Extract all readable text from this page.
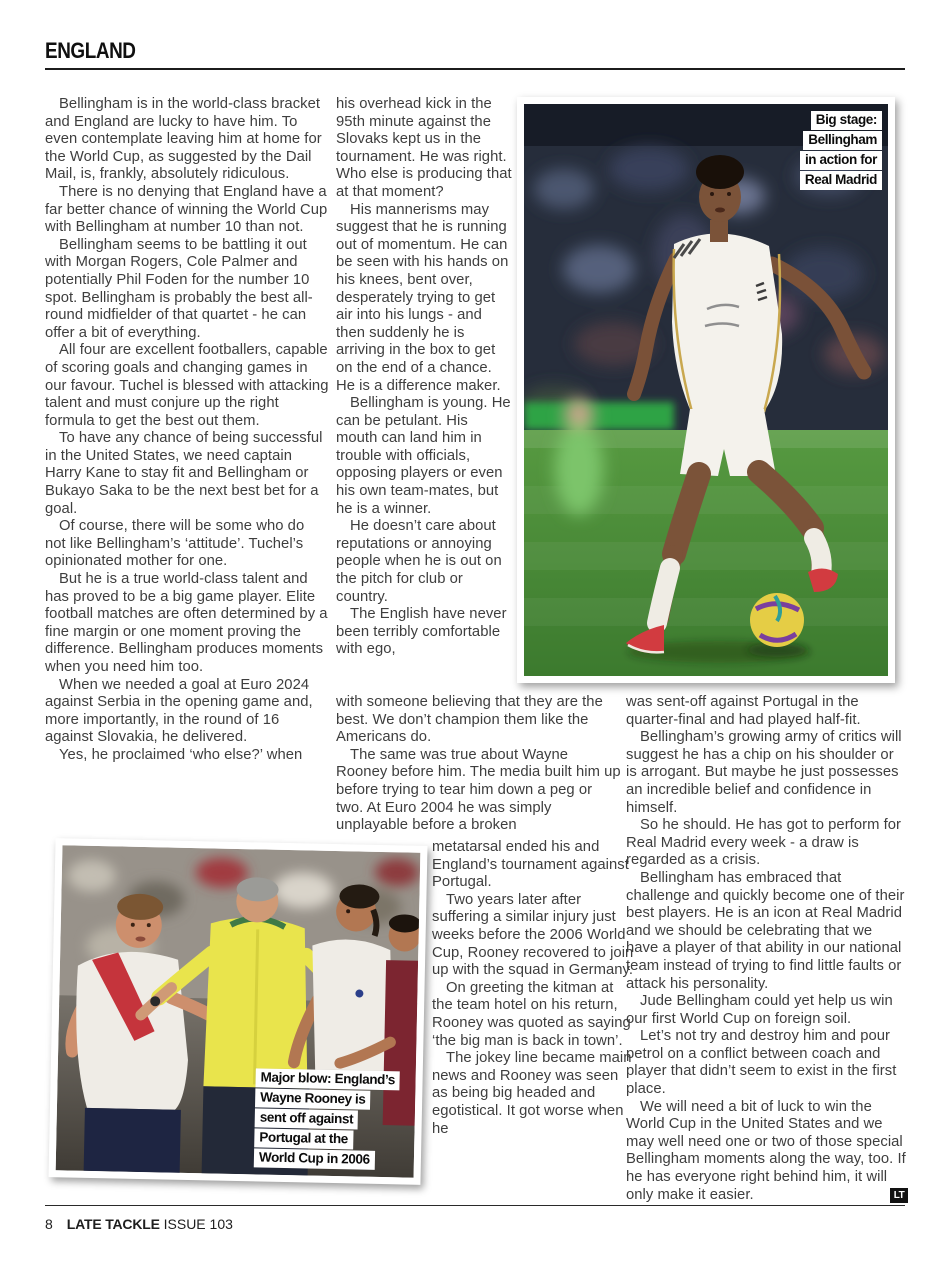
ENGLAND

Bellingham is in the world-class bracket and England are lucky to have him. To even contemplate leaving him at home for the World Cup, as suggested by the Dail Mail, is, frankly, absolutely ridiculous.

There is no denying that England have a far better chance of winning the World Cup with Bellingham at number 10 than not.

Bellingham seems to be battling it out with Morgan Rogers, Cole Palmer and potentially Phil Foden for the number 10 spot. Bellingham is probably the best all-round midfielder of that quartet - he can offer a bit of everything.

All four are excellent footballers, capable of scoring goals and changing games in our favour. Tuchel is blessed with attacking talent and must conjure up the right formula to get the best out them.

To have any chance of being successful in the United States, we need captain Harry Kane to stay fit and Bellingham or Bukayo Saka to be the next best bet for a goal.

Of course, there will be some who do not like Bellingham’s ‘attitude’. Tuchel’s opinionated mother for one.

But he is a true world-class talent and has proved to be a big game player. Elite football matches are often determined by a fine margin or one moment proving the difference. Bellingham produces moments when you need him too.

When we needed a goal at Euro 2024 against Serbia in the opening game and, more importantly, in the round of 16 against Slovakia, he delivered.

Yes, he proclaimed ‘who else?’ when

his overhead kick in the 95th minute against the Slovaks kept us in the tournament. He was right. Who else is producing that at that moment?

His mannerisms may suggest that he is running out of momentum. He can be seen with his hands on his knees, bent over, desperately trying to get air into his lungs - and then suddenly he is arriving in the box to get on the end of a chance. He is a difference maker.

Bellingham is young. He can be petulant. His mouth can land him in trouble with officials, opposing players or even his own team-mates, but he is a winner.

He doesn’t care about reputations or annoying people when he is out on the pitch for club or country.

The English have never been terribly comfortable with ego,

with someone believing that they are the best. We don’t champion them like the Americans do.

The same was true about Wayne Rooney before him. The media built him up before trying to tear him down a peg or two. At Euro 2004 he was simply unplayable before a broken

metatarsal ended his and England’s tournament against Portugal.

Two years later after suffering a similar injury just weeks before the 2006 World Cup, Rooney recovered to join up with the squad in Germany.

On greeting the kitman at the team hotel on his return, Rooney was quoted as saying ‘the big man is back in town’.

The jokey line became main news and Rooney was seen as being big headed and egotistical. It got worse when he

was sent-off against Portugal in the quarter-final and had played half-fit.

Bellingham’s growing army of critics will suggest he has a chip on his shoulder or is arrogant. But maybe he just possesses an incredible belief and confidence in himself.

So he should. He has got to perform for Real Madrid every week - a draw is regarded as a crisis.

Bellingham has embraced that challenge and quickly become one of their best players. He is an icon at Real Madrid and we should be celebrating that we have a player of that ability in our national team instead of trying to find little faults or attack his personality.

Jude Bellingham could yet help us win our first World Cup on foreign soil.

Let’s not try and destroy him and pour petrol on a conflict between coach and player that didn’t seem to exist in the first place.

We will need a bit of luck to win the World Cup in the United States and we may well need one or two of those special Bellingham moments along the way, too. If he has everyone right behind him, it will only make it easier.	LT
Big stage:
Bellingham
in action for
Real Madrid
Major blow: England’s
Wayne Rooney is
sent off against
Portugal at the
World Cup in 2006
8 LATE TACKLE ISSUE 103
